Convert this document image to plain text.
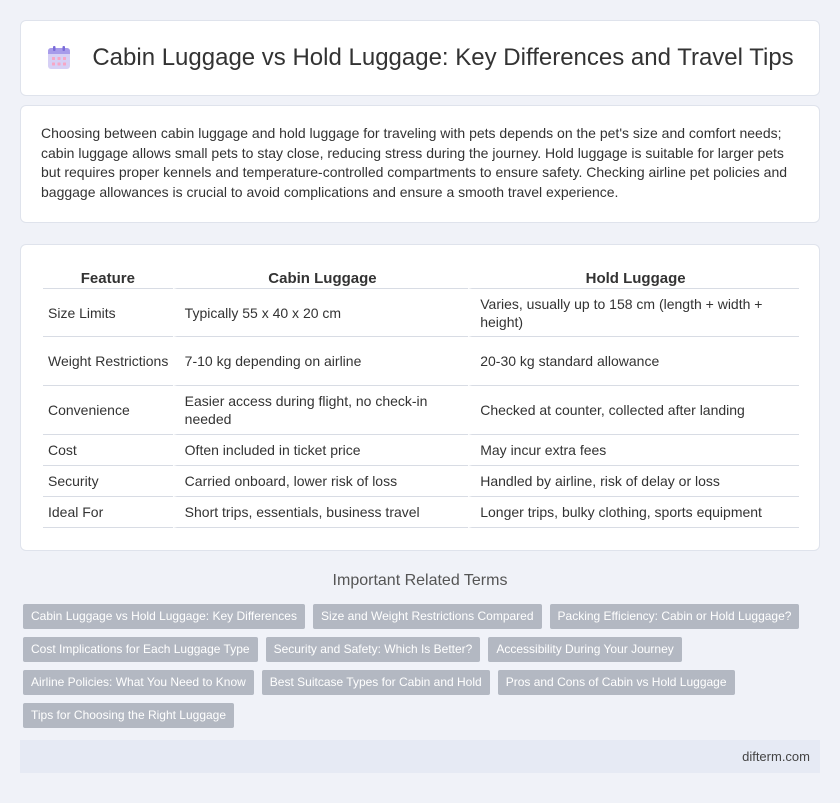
Cabin Luggage vs Hold Luggage: Key Differences and Travel Tips

Choosing between cabin luggage and hold luggage for traveling with pets depends on the pet's size and comfort needs; cabin luggage allows small pets to stay close, reducing stress during the journey. Hold luggage is suitable for larger pets but requires proper kennels and temperature-controlled compartments to ensure safety. Checking airline pet policies and baggage allowances is crucial to avoid complications and ensure a smooth travel experience.

Feature	Cabin Luggage	Hold Luggage
Size Limits	Typically 55 x 40 x 20 cm	Varies, usually up to 158 cm (length + width + height)
Weight Restrictions	7-10 kg depending on airline	20-30 kg standard allowance
Convenience	Easier access during flight, no check-in needed	Checked at counter, collected after landing
Cost	Often included in ticket price	May incur extra fees
Security	Carried onboard, lower risk of loss	Handled by airline, risk of delay or loss
Ideal For	Short trips, essentials, business travel	Longer trips, bulky clothing, sports equipment
Important Related Terms
Cabin Luggage vs Hold Luggage: Key Differences	Size and Weight Restrictions Compared	Packing Efficiency: Cabin or Hold Luggage?
Cost Implications for Each Luggage Type	Security and Safety: Which Is Better?	Accessibility During Your Journey
Airline Policies: What You Need to Know	Best Suitcase Types for Cabin and Hold	Pros and Cons of Cabin vs Hold Luggage
Tips for Choosing the Right Luggage
difterm.com
